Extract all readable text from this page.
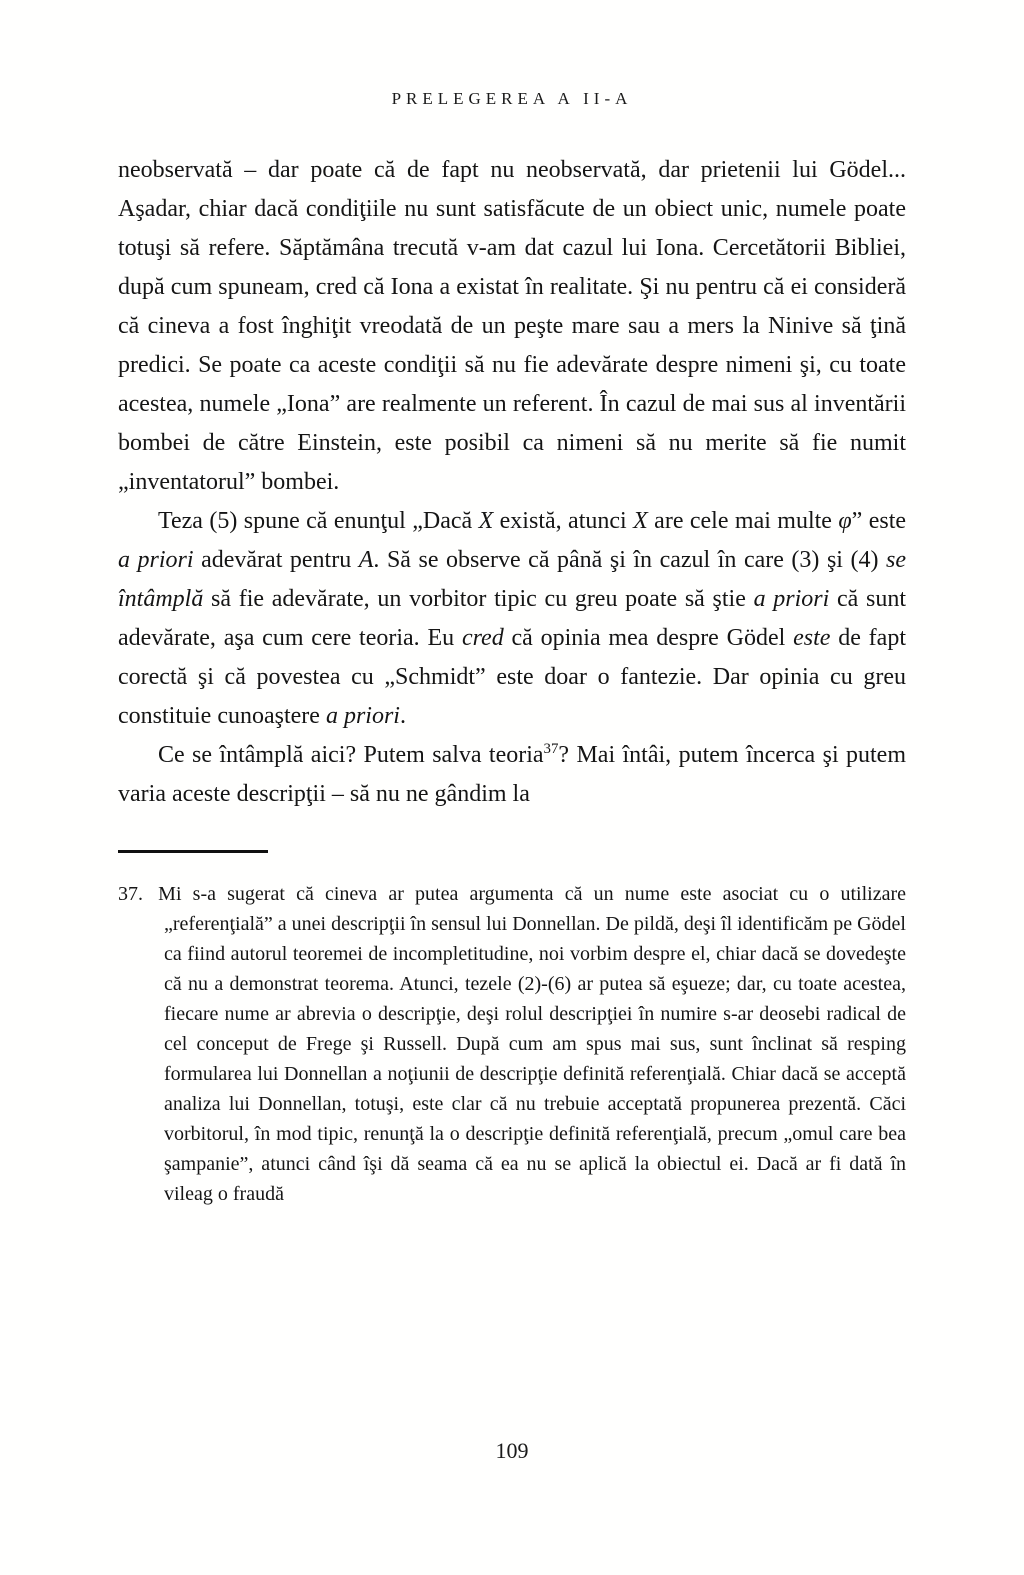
PRELEGEREA A II-A

neobservată – dar poate că de fapt nu neobservată, dar prietenii lui Gödel... Aşadar, chiar dacă condiţiile nu sunt satisfăcute de un obiect unic, numele poate totuşi să refere. Săptămâna trecută v-am dat cazul lui Iona. Cercetătorii Bibliei, după cum spuneam, cred că Iona a existat în realitate. Şi nu pentru că ei consideră că cineva a fost înghiţit vreodată de un peşte mare sau a mers la Ninive să ţină predici. Se poate ca aceste condiţii să nu fie adevărate despre nimeni şi, cu toate acestea, numele „Iona” are realmente un referent. În cazul de mai sus al inventării bombei de către Einstein, este posibil ca nimeni să nu merite să fie numit „inventatorul” bombei.

Teza (5) spune că enunţul „Dacă X există, atunci X are cele mai multe φ” este a priori adevărat pentru A. Să se observe că până şi în cazul în care (3) şi (4) se întâmplă să fie adevărate, un vorbitor tipic cu greu poate să ştie a priori că sunt adevărate, aşa cum cere teoria. Eu cred că opinia mea despre Gödel este de fapt corectă şi că povestea cu „Schmidt” este doar o fantezie. Dar opinia cu greu constituie cunoaştere a priori.

Ce se întâmplă aici? Putem salva teoria$^{37}$? Mai întâi, putem încerca şi putem varia aceste descripţii – să nu ne gândim la

37. Mi s-a sugerat că cineva ar putea argumenta că un nume este asociat cu o utilizare „referenţială” a unei descripţii în sensul lui Donnellan. De pildă, deşi îl identificăm pe Gödel ca fiind autorul teoremei de incompletitudine, noi vorbim despre el, chiar dacă se dovedeşte că nu a demonstrat teorema. Atunci, tezele (2)-(6) ar putea să eşueze; dar, cu toate acestea, fiecare nume ar abrevia o descripţie, deşi rolul descripţiei în numire s-ar deosebi radical de cel conceput de Frege şi Russell. După cum am spus mai sus, sunt înclinat să resping formularea lui Donnellan a noţiunii de descripţie definită referenţială. Chiar dacă se acceptă analiza lui Donnellan, totuşi, este clar că nu trebuie acceptată propunerea prezentă. Căci vorbitorul, în mod tipic, renunţă la o descripţie definită referenţială, precum „omul care bea şampanie”, atunci când îşi dă seama că ea nu se aplică la obiectul ei. Dacă ar fi dată în vileag o fraudă

109
